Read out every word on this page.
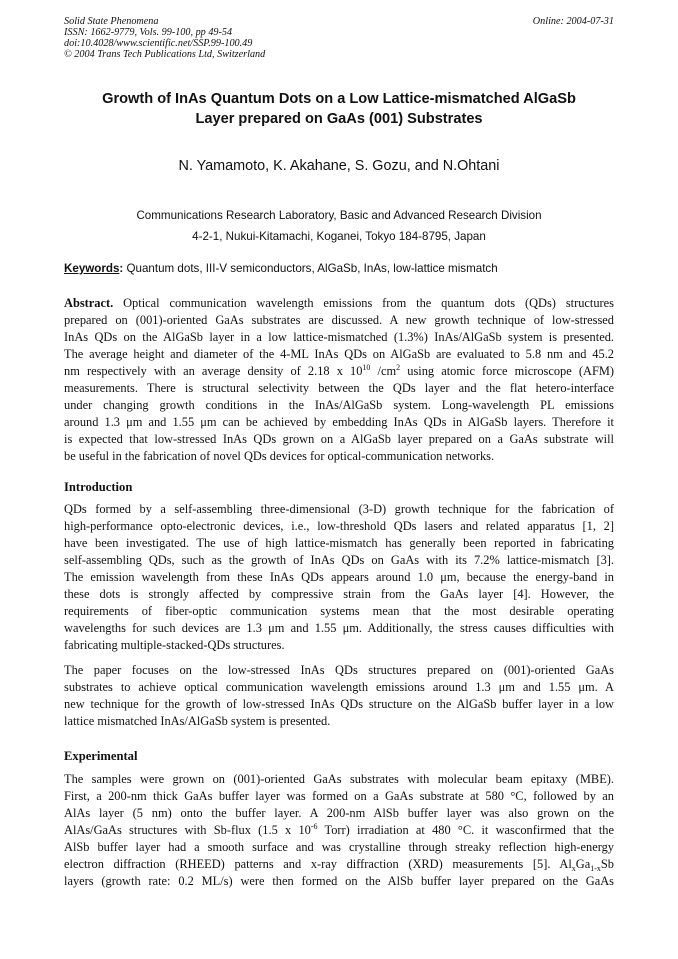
Solid State Phenomena
ISSN: 1662-9779, Vols. 99-100, pp 49-54
doi:10.4028/www.scientific.net/SSP.99-100.49
© 2004 Trans Tech Publications Ltd, Switzerland
Online: 2004-07-31
Growth of InAs Quantum Dots on a Low Lattice-mismatched AlGaSb
Layer prepared on GaAs (001) Substrates
N. Yamamoto, K. Akahane, S. Gozu, and N.Ohtani
Communications Research Laboratory, Basic and Advanced Research Division
4-2-1, Nukui-Kitamachi, Koganei, Tokyo 184-8795, Japan
Keywords: Quantum dots, III-V semiconductors, AlGaSb, InAs, low-lattice mismatch
Abstract. Optical communication wavelength emissions from the quantum dots (QDs) structures
prepared on (001)-oriented GaAs substrates are discussed. A new growth technique of low-stressed
InAs QDs on the AlGaSb layer in a low lattice-mismatched (1.3%) InAs/AlGaSb system is presented.
The average height and diameter of the 4-ML InAs QDs on AlGaSb are evaluated to 5.8 nm and 45.2
nm respectively with an average density of 2.18 x $10^{10}$ $/cm^2$ using atomic force microscope (AFM)
measurements. There is structural selectivity between the QDs layer and the flat hetero-interface
under changing growth conditions in the InAs/AlGaSb system. Long-wavelength PL emissions
around 1.3 μm and 1.55 μm can be achieved by embedding InAs QDs in AlGaSb layers. Therefore it
is expected that low-stressed InAs QDs grown on a AlGaSb layer prepared on a GaAs substrate will
be useful in the fabrication of novel QDs devices for optical-communication networks.
Introduction
QDs formed by a self-assembling three-dimensional (3-D) growth technique for the fabrication of
high-performance opto-electronic devices, i.e., low-threshold QDs lasers and related apparatus [1, 2]
have been investigated. The use of high lattice-mismatch has generally been reported in fabricating
self-assembling QDs, such as the growth of InAs QDs on GaAs with its 7.2% lattice-mismatch [3].
The emission wavelength from these InAs QDs appears around 1.0 μm, because the energy-band in
these dots is strongly affected by compressive strain from the GaAs layer [4]. However, the
requirements of fiber-optic communication systems mean that the most desirable operating
wavelengths for such devices are 1.3 μm and 1.55 μm. Additionally, the stress causes difficulties with
fabricating multiple-stacked-QDs structures.
The paper focuses on the low-stressed InAs QDs structures prepared on (001)-oriented GaAs
substrates to achieve optical communication wavelength emissions around 1.3 μm and 1.55 μm. A
new technique for the growth of low-stressed InAs QDs structure on the AlGaSb buffer layer in a low
lattice mismatched InAs/AlGaSb system is presented.
Experimental
The samples were grown on (001)-oriented GaAs substrates with molecular beam epitaxy (MBE).
First, a 200-nm thick GaAs buffer layer was formed on a GaAs substrate at 580 °C, followed by an
AlAs layer (5 nm) onto the buffer layer. A 200-nm AlSb buffer layer was also grown on the
AlAs/GaAs structures with Sb-flux (1.5 x $10^{-6}$ Torr) irradiation at 480 °C. it wasconfirmed that the
AlSb buffer layer had a smooth surface and was crystalline through streaky reflection high-energy
electron diffraction (RHEED) patterns and x-ray diffraction (XRD) measurements [5]. $Al_xGa_{1-x}Sb$
layers (growth rate: 0.2 ML/s) were then formed on the AlSb buffer layer prepared on the GaAs
